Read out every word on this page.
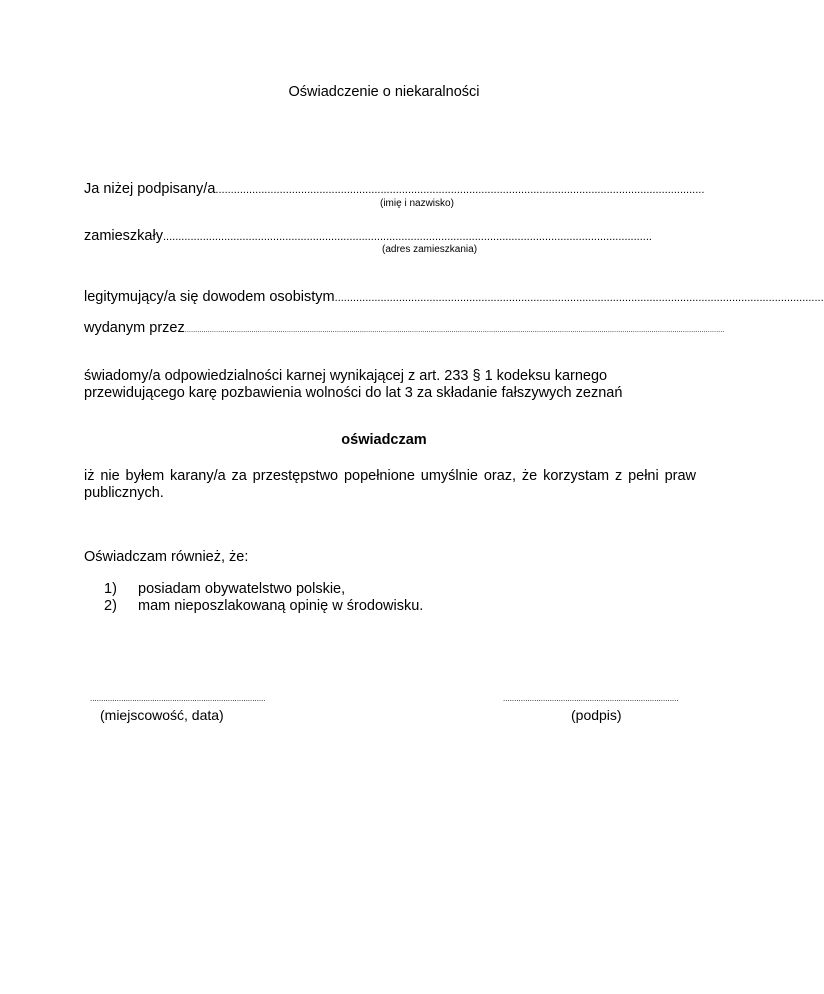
Oświadczenie o niekaralności
Ja niżej podpisany/a ................................................................................................................................................................
(imię i nazwisko)
zamieszkały ................................................................................................................................................................
(adres zamieszkania)
legitymujący/a się dowodem osobistym ................................................................................................................................................................
wydanym przez ...................................................................................................................................................................................................................................................................
świadomy/a odpowiedzialności karnej wynikającej z art. 233 § 1 kodeksu karnego przewidującego karę pozbawienia wolności do lat 3 za składanie fałszywych zeznań
oświadczam
iż nie byłem karany/a za przestępstwo popełnione umyślnie oraz, że korzystam z pełni praw publicznych.
Oświadczam również, że:
1)	posiadam obywatelstwo polskie,
2)	mam nieposzlakowaną opinię w środowisku.
...............................................................................
(miejscowość, data)
...............................................................................
(podpis)
